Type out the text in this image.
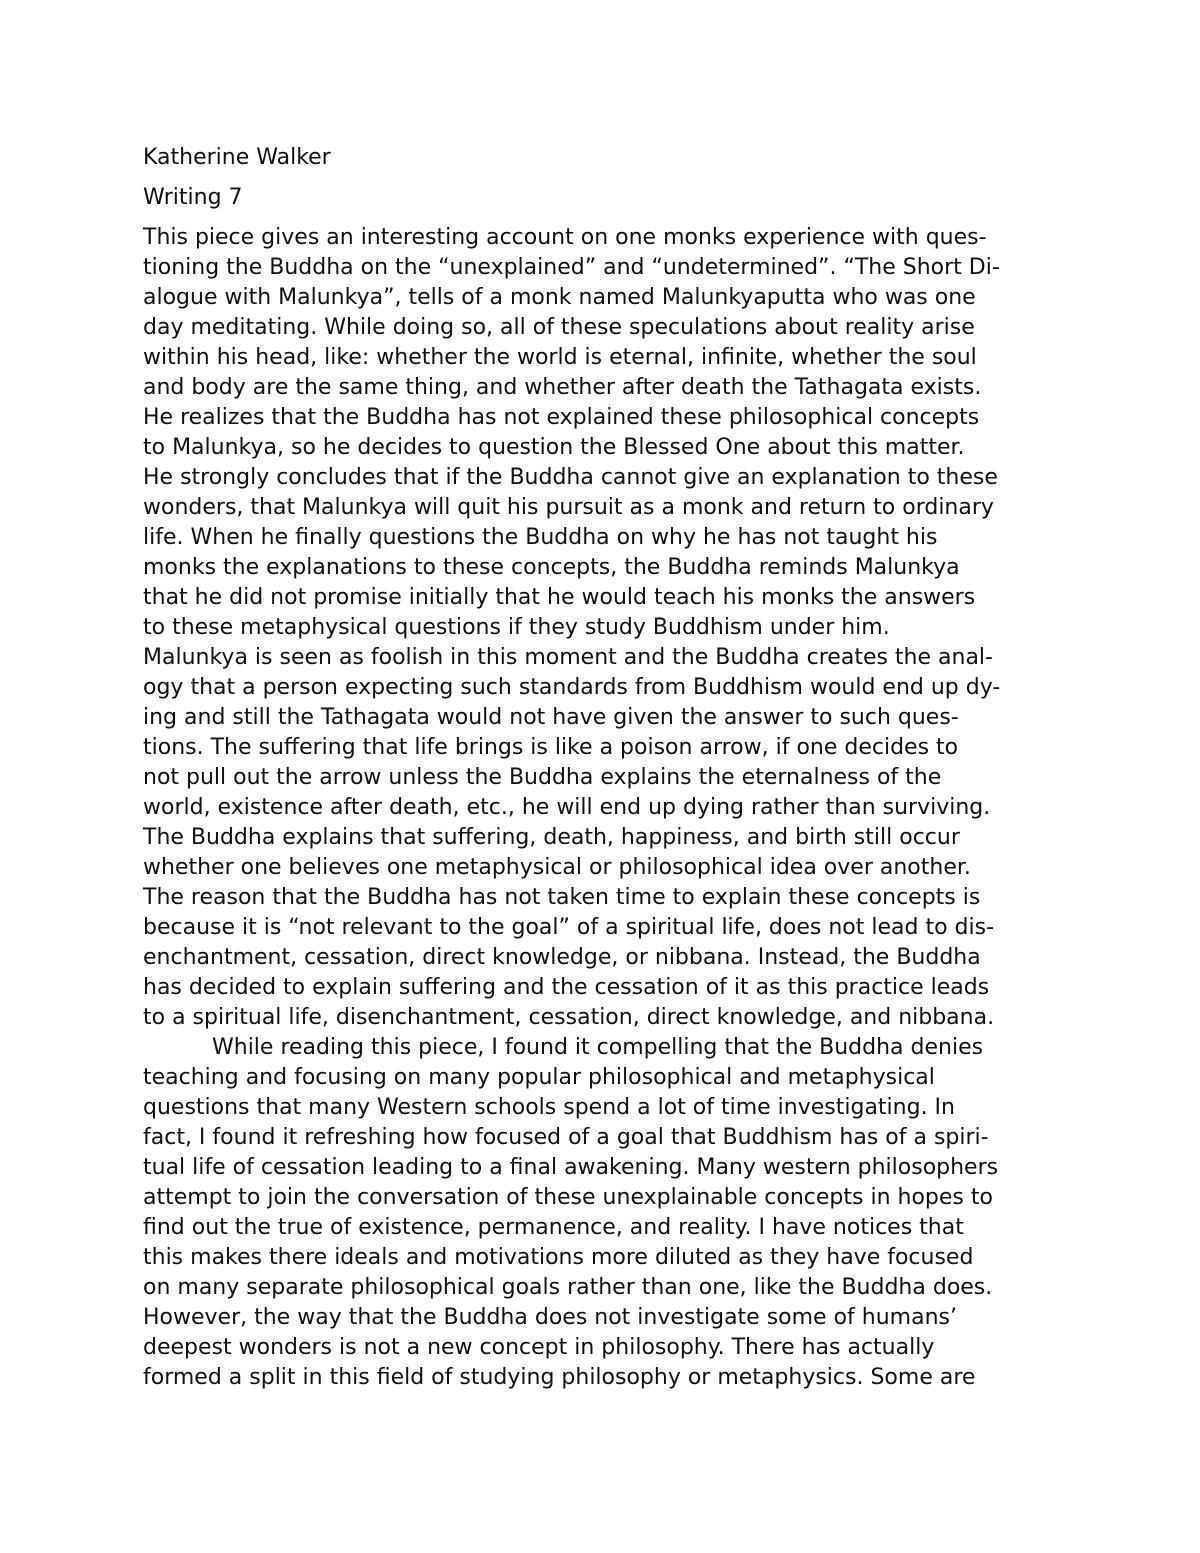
Katherine Walker
Writing 7
This piece gives an interesting account on one monks experience with ques-
tioning the Buddha on the “unexplained” and “undetermined”. “The Short Di-
alogue with Malunkya”, tells of a monk named Malunkyaputta who was one
day meditating. While doing so, all of these speculations about reality arise
within his head, like: whether the world is eternal, infinite, whether the soul
and body are the same thing, and whether after death the Tathagata exists.
He realizes that the Buddha has not explained these philosophical concepts
to Malunkya, so he decides to question the Blessed One about this matter.
He strongly concludes that if the Buddha cannot give an explanation to these
wonders, that Malunkya will quit his pursuit as a monk and return to ordinary
life. When he finally questions the Buddha on why he has not taught his
monks the explanations to these concepts, the Buddha reminds Malunkya
that he did not promise initially that he would teach his monks the answers
to these metaphysical questions if they study Buddhism under him.
Malunkya is seen as foolish in this moment and the Buddha creates the anal-
ogy that a person expecting such standards from Buddhism would end up dy-
ing and still the Tathagata would not have given the answer to such ques-
tions. The suffering that life brings is like a poison arrow, if one decides to
not pull out the arrow unless the Buddha explains the eternalness of the
world, existence after death, etc., he will end up dying rather than surviving.
The Buddha explains that suffering, death, happiness, and birth still occur
whether one believes one metaphysical or philosophical idea over another.
The reason that the Buddha has not taken time to explain these concepts is
because it is “not relevant to the goal” of a spiritual life, does not lead to dis-
enchantment, cessation, direct knowledge, or nibbana. Instead, the Buddha
has decided to explain suffering and the cessation of it as this practice leads
to a spiritual life, disenchantment, cessation, direct knowledge, and nibbana.
While reading this piece, I found it compelling that the Buddha denies
teaching and focusing on many popular philosophical and metaphysical
questions that many Western schools spend a lot of time investigating. In
fact, I found it refreshing how focused of a goal that Buddhism has of a spiri-
tual life of cessation leading to a final awakening. Many western philosophers
attempt to join the conversation of these unexplainable concepts in hopes to
find out the true of existence, permanence, and reality. I have notices that
this makes there ideals and motivations more diluted as they have focused
on many separate philosophical goals rather than one, like the Buddha does.
However, the way that the Buddha does not investigate some of humans’
deepest wonders is not a new concept in philosophy. There has actually
formed a split in this field of studying philosophy or metaphysics. Some are
